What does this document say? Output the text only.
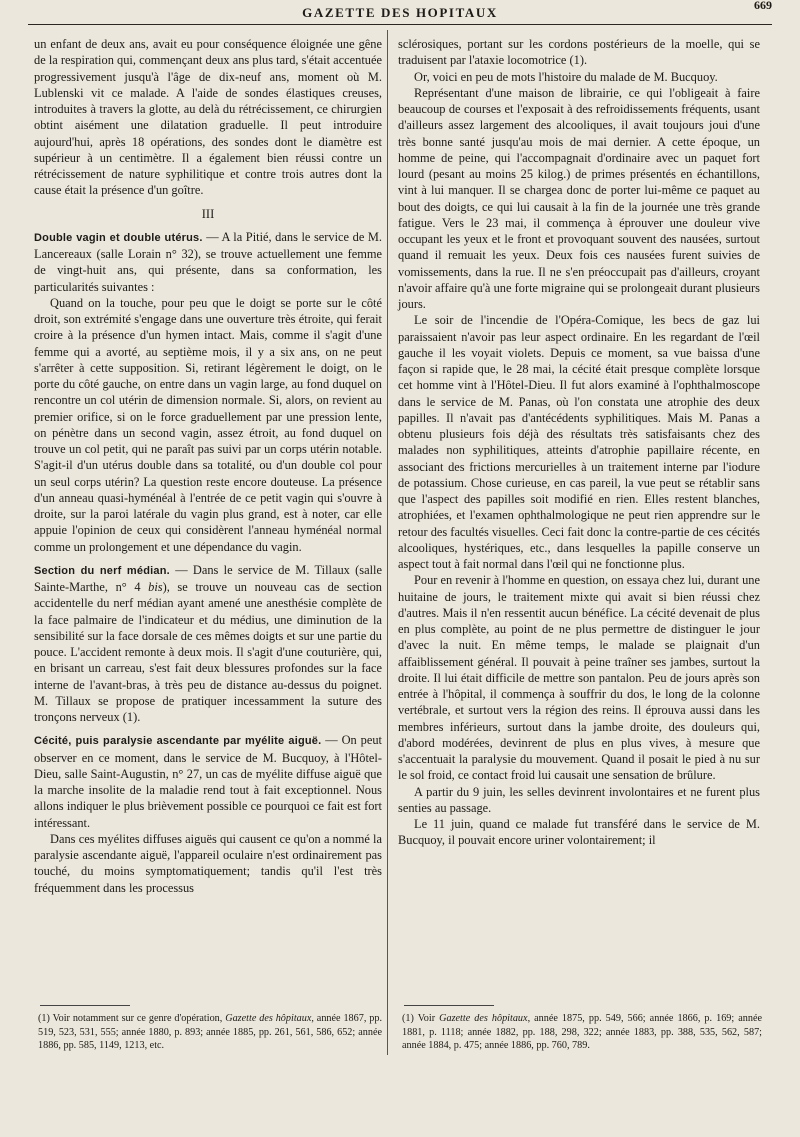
GAZETTE DES HOPITAUX	669

un enfant de deux ans, avait eu pour conséquence éloignée une gêne de la respiration qui, commençant deux ans plus tard, s'était accentuée progressivement jusqu'à l'âge de dix-neuf ans, moment où M. Lublenski vit ce malade. A l'aide de sondes élastiques creuses, introduites à travers la glotte, au delà du rétrécissement, ce chirurgien obtint aisément une dilatation graduelle. Il peut introduire aujourd'hui, après 18 opérations, des sondes dont le diamètre est supérieur à un centimètre. Il a également bien réussi contre un rétrécissement de nature syphilitique et contre trois autres dont la cause était la présence d'un goître.

III

Double vagin et double utérus. — A la Pitié, dans le service de M. Lancereaux (salle Lorain n° 32), se trouve actuellement une femme de vingt-huit ans, qui présente, dans sa conformation, les particularités suivantes :

Quand on la touche, pour peu que le doigt se porte sur le côté droit, son extrémité s'engage dans une ouverture très étroite, qui ferait croire à la présence d'un hymen intact. Mais, comme il s'agit d'une femme qui a avorté, au septième mois, il y a six ans, on ne peut s'arrêter à cette supposition. Si, retirant légèrement le doigt, on le porte du côté gauche, on entre dans un vagin large, au fond duquel on rencontre un col utérin de dimension normale. Si, alors, on revient au premier orifice, si on le force graduellement par une pression lente, on pénètre dans un second vagin, assez étroit, au fond duquel on trouve un col petit, qui ne paraît pas suivi par un corps utérin notable. S'agit-il d'un utérus double dans sa totalité, ou d'un double col pour un seul corps utérin? La question reste encore douteuse. La présence d'un anneau quasi-hyménéal à l'entrée de ce petit vagin qui s'ouvre à droite, sur la paroi latérale du vagin plus grand, est à noter, car elle appuie l'opinion de ceux qui considèrent l'anneau hyménéal normal comme un prolongement et une dépendance du vagin.

Section du nerf médian. — Dans le service de M. Tillaux (salle Sainte-Marthe, n° 4 bis), se trouve un nouveau cas de section accidentelle du nerf médian ayant amené une anesthésie complète de la face palmaire de l'indicateur et du médius, une diminution de la sensibilité sur la face dorsale de ces mêmes doigts et sur une partie du pouce. L'accident remonte à deux mois. Il s'agit d'une couturière, qui, en brisant un carreau, s'est fait deux blessures profondes sur la face interne de l'avant-bras, à très peu de distance au-dessus du poignet. M. Tillaux se propose de pratiquer incessamment la suture des tronçons nerveux (1).

Cécité, puis paralysie ascendante par myélite aiguë. — On peut observer en ce moment, dans le service de M. Bucquoy, à l'Hôtel-Dieu, salle Saint-Augustin, n° 27, un cas de myélite diffuse aiguë que la marche insolite de la maladie rend tout à fait exceptionnel. Nous allons indiquer le plus brièvement possible ce pourquoi ce fait est fort intéressant.

Dans ces myélites diffuses aiguës qui causent ce qu'on a nommé la paralysie ascendante aiguë, l'appareil oculaire n'est ordinairement pas touché, du moins symptomatiquement; tandis qu'il l'est très fréquemment dans les processus

sclérosiques, portant sur les cordons postérieurs de la moelle, qui se traduisent par l'ataxie locomotrice (1).

Or, voici en peu de mots l'histoire du malade de M. Bucquoy.

Représentant d'une maison de librairie, ce qui l'obligeait à faire beaucoup de courses et l'exposait à des refroidissements fréquents, usant d'ailleurs assez largement des alcooliques, il avait toujours joui d'une très bonne santé jusqu'au mois de mai dernier. A cette époque, un homme de peine, qui l'accompagnait d'ordinaire avec un paquet fort lourd (pesant au moins 25 kilog.) de primes présentés en échantillons, vint à lui manquer. Il se chargea donc de porter lui-même ce paquet au bout des doigts, ce qui lui causait à la fin de la journée une très grande fatigue. Vers le 23 mai, il commença à éprouver une douleur vive occupant les yeux et le front et provoquant souvent des nausées, surtout quand il remuait les yeux. Deux fois ces nausées furent suivies de vomissements, dans la rue. Il ne s'en préoccupait pas d'ailleurs, croyant n'avoir affaire qu'à une forte migraine qui se prolongeait durant plusieurs jours.

Le soir de l'incendie de l'Opéra-Comique, les becs de gaz lui paraissaient n'avoir pas leur aspect ordinaire. En les regardant de l'œil gauche il les voyait violets. Depuis ce moment, sa vue baissa d'une façon si rapide que, le 28 mai, la cécité était presque complète lorsque cet homme vint à l'Hôtel-Dieu. Il fut alors examiné à l'ophthalmoscope dans le service de M. Panas, où l'on constata une atrophie des deux papilles. Il n'avait pas d'antécédents syphilitiques. Mais M. Panas a obtenu plusieurs fois déjà des résultats très satisfaisants chez des malades non syphilitiques, atteints d'atrophie papillaire récente, en associant des frictions mercurielles à un traitement interne par l'iodure de potassium. Chose curieuse, en cas pareil, la vue peut se rétablir sans que l'aspect des papilles soit modifié en rien. Elles restent blanches, atrophiées, et l'examen ophthalmologique ne peut rien apprendre sur le retour des facultés visuelles. Ceci fait donc la contre-partie de ces cécités alcooliques, hystériques, etc., dans lesquelles la papille conserve un aspect tout à fait normal dans l'œil qui ne fonctionne plus.

Pour en revenir à l'homme en question, on essaya chez lui, durant une huitaine de jours, le traitement mixte qui avait si bien réussi chez d'autres. Mais il n'en ressentit aucun bénéfice. La cécité devenait de plus en plus complète, au point de ne plus permettre de distinguer le jour d'avec la nuit. En même temps, le malade se plaignait d'un affaiblissement général. Il pouvait à peine traîner ses jambes, surtout la droite. Il lui était difficile de mettre son pantalon. Peu de jours après son entrée à l'hôpital, il commença à souffrir du dos, le long de la colonne vertébrale, et surtout vers la région des reins. Il éprouva aussi dans les membres inférieurs, surtout dans la jambe droite, des douleurs qui, d'abord modérées, devinrent de plus en plus vives, à mesure que s'accentuait la paralysie du mouvement. Quand il posait le pied à nu sur le sol froid, ce contact froid lui causait une sensation de brûlure.

A partir du 9 juin, les selles devinrent involontaires et ne furent plus senties au passage.

Le 11 juin, quand ce malade fut transféré dans le service de M. Bucquoy, il pouvait encore uriner volontairement; il

(1) Voir notamment sur ce genre d'opération, Gazette des hôpitaux, année 1867, pp. 519, 523, 531, 555; année 1880, p. 893; année 1885, pp. 261, 561, 586, 652; année 1886, pp. 585, 1149, 1213, etc.
(1) Voir Gazette des hôpitaux, année 1875, pp. 549, 566; année 1866, p. 169; année 1881, p. 1118; année 1882, pp. 188, 298, 322; année 1883, pp. 388, 535, 562, 587; année 1884, p. 475; année 1886, pp. 760, 789.
